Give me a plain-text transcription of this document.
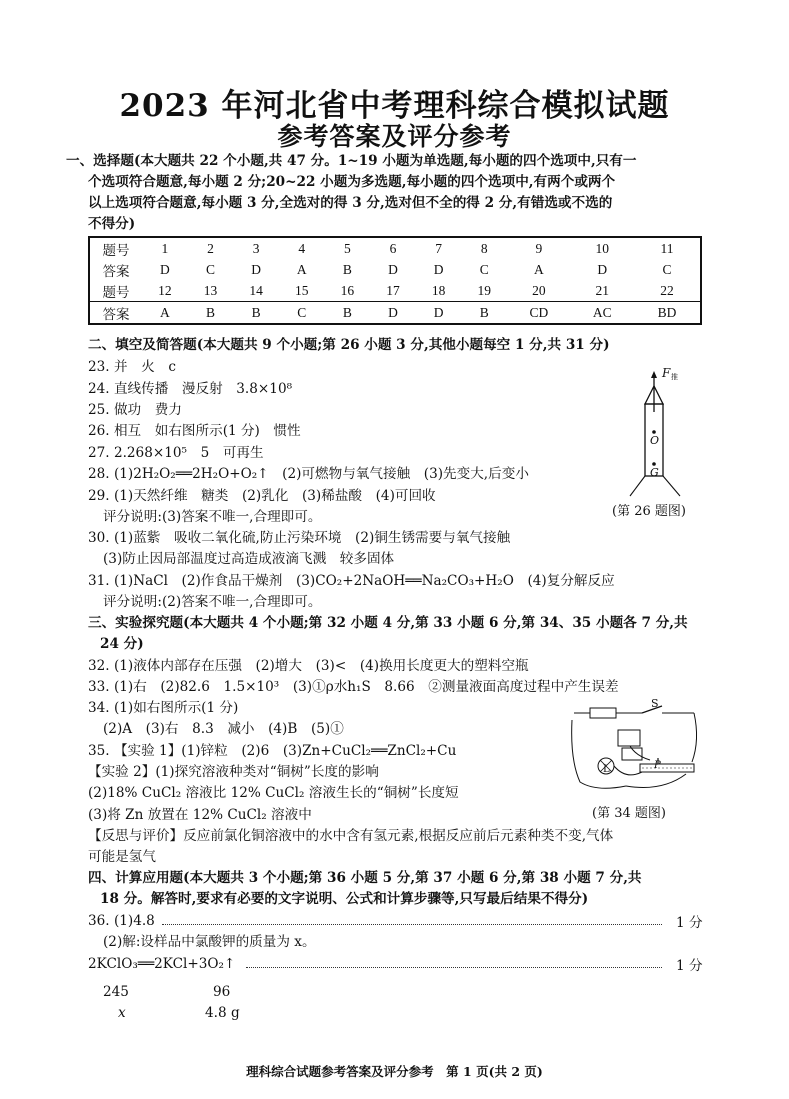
2023 年河北省中考理科综合模拟试题
参考答案及评分参考
一、选择题(本大题共 22 个小题,共 47 分。1~19 小题为单选题,每小题的四个选项中,只有一
个选项符合题意,每小题 2 分;20~22 小题为多选题,每小题的四个选项中,有两个或两个
以上选项符合题意,每小题 3 分,全选对的得 3 分,选对但不全的得 2 分,有错选或不选的
不得分)
题号	1	2	3	4	5	6	7	8	9	10	11
答案	D	C	D	A	B	D	D	C	A	D	C
题号	12	13	14	15	16	17	18	19	20	21	22
答案	A	B	B	C	B	D	D	B	CD	AC	BD
二、填空及简答题(本大题共 9 个小题;第 26 小题 3 分,其他小题每空 1 分,共 31 分)
23. 并　火　c
24. 直线传播　漫反射　3.8×10⁸
25. 做功　费力
26. 相互　如右图所示(1 分)　惯性
27. 2.268×10⁵　5　可再生
28. (1)2H₂O₂══2H₂O+O₂↑　(2)可燃物与氧气接触　(3)先变大,后变小
29. (1)天然纤维　糖类　(2)乳化　(3)稀盐酸　(4)可回收
评分说明:(3)答案不唯一,合理即可。
30. (1)蓝紫　吸收二氧化硫,防止污染环境　(2)铜生锈需要与氧气接触
(3)防止因局部温度过高造成液滴飞溅　较多固体
31. (1)NaCl　(2)作食品干燥剂　(3)CO₂+2NaOH══Na₂CO₃+H₂O　(4)复分解反应
评分说明:(2)答案不唯一,合理即可。
F 推
O
G
(第 26 题图)
三、实验探究题(本大题共 4 个小题;第 32 小题 4 分,第 33 小题 6 分,第 34、35 小题各 7 分,共
24 分)
32. (1)液体内部存在压强　(2)增大　(3)<　(4)换用长度更大的塑料空瓶
33. (1)右　(2)82.6　1.5×10³　(3)①ρ水h₁S　8.66　②测量液面高度过程中产生误差
34. (1)如右图所示(1 分)
(2)A　(3)右　8.3　减小　(4)B　(5)①
35. 【实验 1】(1)锌粒　(2)6　(3)Zn+CuCl₂══ZnCl₂+Cu
【实验 2】(1)探究溶液种类对“铜树”长度的影响
(2)18% CuCl₂ 溶液比 12% CuCl₂ 溶液生长的“铜树”长度短
(3)将 Zn 放置在 12% CuCl₂ 溶液中
【反思与评价】反应前氯化铜溶液中的水中含有氢元素,根据反应前后元素种类不变,气体
可能是氢气
S
L	P
(第 34 题图)
四、计算应用题(本大题共 3 个小题;第 36 小题 5 分,第 37 小题 6 分,第 38 小题 7 分,共
18 分。解答时,要求有必要的文字说明、公式和计算步骤等,只写最后结果不得分)
36. (1)4.8	1 分
(2)解:设样品中氯酸钾的质量为 x。
2KClO₃══2KCl+3O₂↑	1 分
245	96
x	4.8 g
理科综合试题参考答案及评分参考　第 1 页(共 2 页)
